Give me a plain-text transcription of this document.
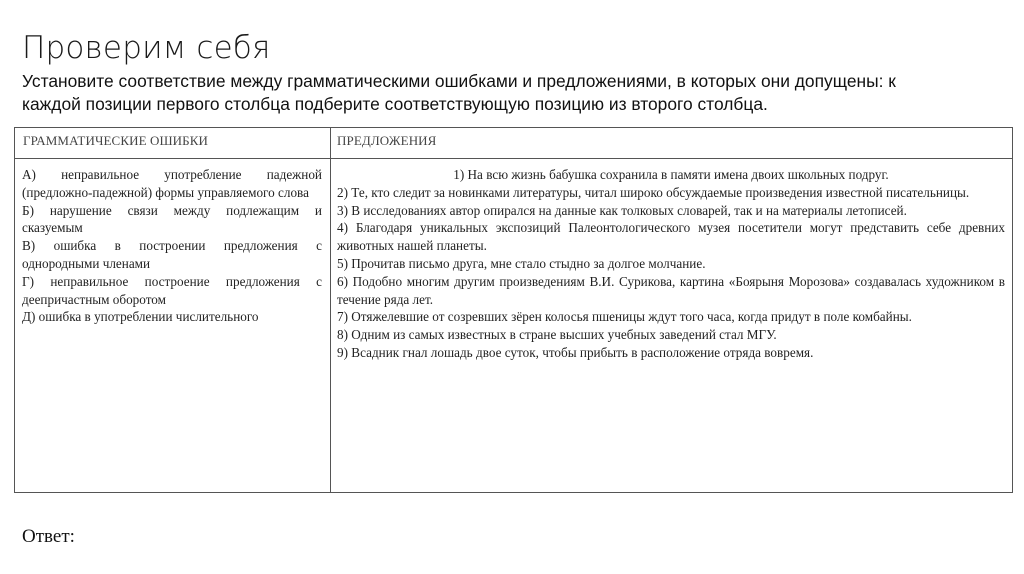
Проверим себя
Установите соответствие между грамматическими ошибками и предложениями, в которых они допущены: к каждой позиции первого столбца подберите соответствующую позицию из второго столбца.
ГРАММАТИЧЕСКИЕ ОШИБКИ	ПРЕДЛОЖЕНИЯ
А) неправильное употребление падежной (предложно-падежной) формы управляемого слова
Б) нарушение связи между подлежащим и сказуемым
В) ошибка в построении предложения с однородными членами
Г) неправильное построение предложения с деепричастным оборотом
Д) ошибка в употреблении числительного
1) На всю жизнь бабушка сохранила в памяти имена двоих школьных подруг.
2) Те, кто следит за новинками литературы, читал широко обсуждаемые произведения известной писательницы.
3) В исследованиях автор опирался на данные как толковых словарей, так и на материалы летописей.
4) Благодаря уникальных экспозиций Палеонтологического музея посетители могут представить себе древних животных нашей планеты.
5) Прочитав письмо друга, мне стало стыдно за долгое молчание.
6) Подобно многим другим произведениям В.И. Сурикова, картина «Боярыня Морозова» создавалась художником в течение ряда лет.
7) Отяжелевшие от созревших зёрен колосья пшеницы ждут того часа, когда придут в поле комбайны.
8) Одним из самых известных в стране высших учебных заведений стал МГУ.
9) Всадник гнал лошадь двое суток, чтобы прибыть в расположение отряда вовремя.
Ответ:
